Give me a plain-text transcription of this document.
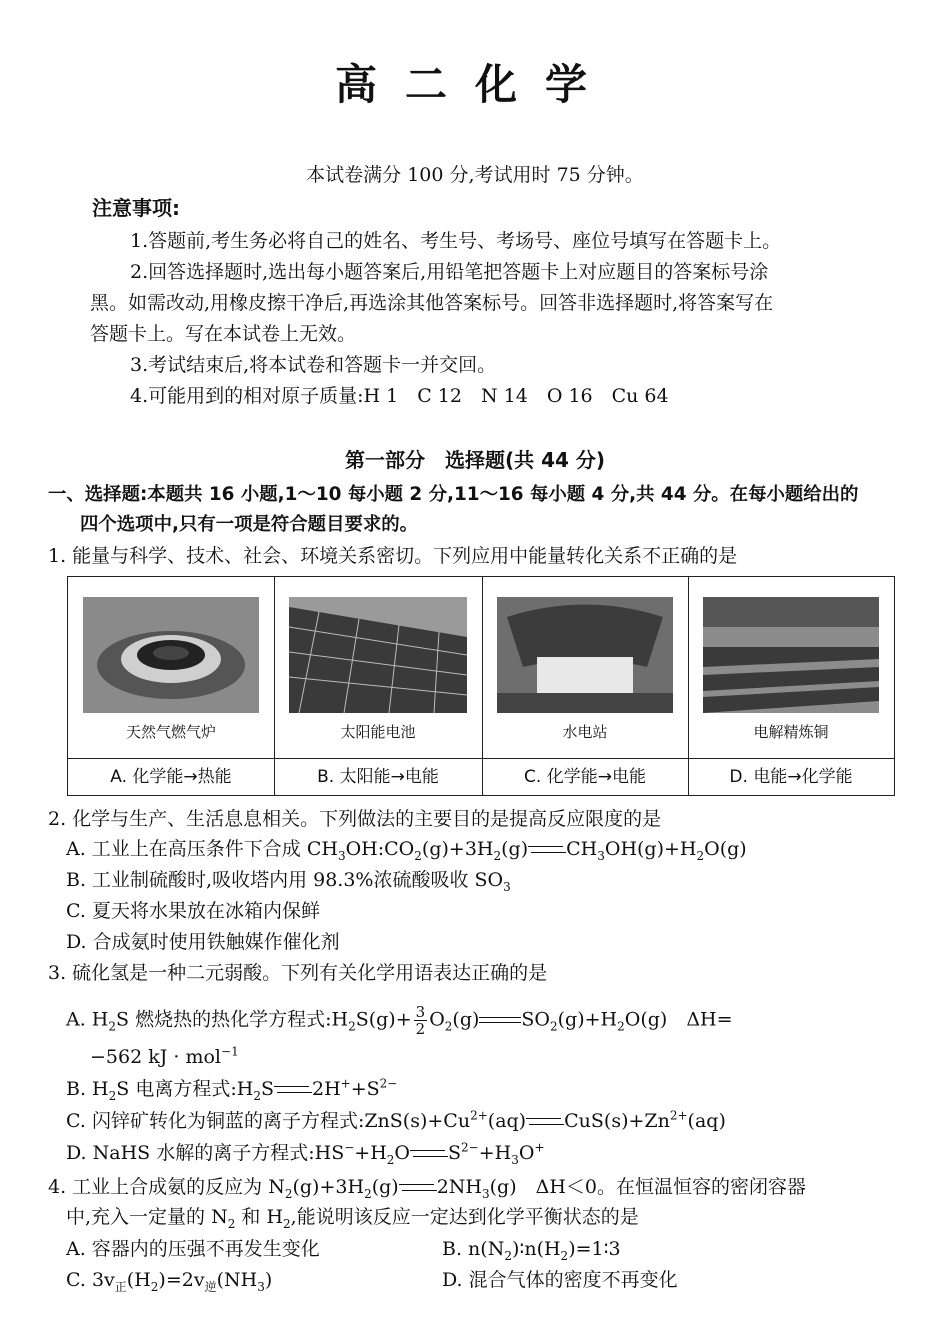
高二化学
本试卷满分 100 分,考试用时 75 分钟。
注意事项:
1.答题前,考生务必将自己的姓名、考生号、考场号、座位号填写在答题卡上。
2.回答选择题时,选出每小题答案后,用铅笔把答题卡上对应题目的答案标号涂
黑。如需改动,用橡皮擦干净后,再选涂其他答案标号。回答非选择题时,将答案写在
答题卡上。写在本试卷上无效。
3.考试结束后,将本试卷和答题卡一并交回。
4.可能用到的相对原子质量:H 1　C 12　N 14　O 16　Cu 64
第一部分　选择题(共 44 分)
一、选择题:本题共 16 小题,1～10 每小题 2 分,11～16 每小题 4 分,共 44 分。在每小题给出的
四个选项中,只有一项是符合题目要求的。
1. 能量与科学、技术、社会、环境关系密切。下列应用中能量转化关系不正确的是
天然气燃气炉	太阳能电池	水电站	电解精炼铜
A. 化学能→热能	B. 太阳能→电能	C. 化学能→电能	D. 电能→化学能
2. 化学与生产、生活息息相关。下列做法的主要目的是提高反应限度的是
A. 工业上在高压条件下合成 $CH_3OH:CO_2(g)+3H_2(g)$ $CH_3OH(g)+H_2O(g)$
B. 工业制硫酸时,吸收塔内用 98.3%浓硫酸吸收 $SO_3$
C. 夏天将水果放在冰箱内保鲜
D. 合成氨时使用铁触媒作催化剂
3. 硫化氢是一种二元弱酸。下列有关化学用语表达正确的是
A. $H_2S$ 燃烧热的热化学方程式$:H_2S(g)+ \frac{3}{2} O_2(g)$ $SO_2(g)+H_2O(g)$　ΔH=
−562 kJ · mol$^{-1}$
B. $H_2S$ 电离方程式$:H_2S$ $2H^++S^{2-}$
C. 闪锌矿转化为铜蓝的离子方程式$:ZnS(s)+Cu^{2+}(aq)$ $CuS(s)+Zn^{2+}(aq)$
D. NaHS 水解的离子方程式$:HS^-+H_2O$ $S^{2-}+H_3O^+$
4. 工业上合成氨的反应为 $N_2(g)+3H_2(g)$ $2NH_3(g)$　ΔH＜0。在恒温恒容的密闭容器
中,充入一定量的 $N_2$ 和 $H_2$,能说明该反应一定达到化学平衡状态的是
A. 容器内的压强不再发生变化	B. $n(N_2)∶n(H_2)=1∶3$
C. $3v_正(H_2)=2v_逆(NH_3)$	D. 混合气体的密度不再变化
